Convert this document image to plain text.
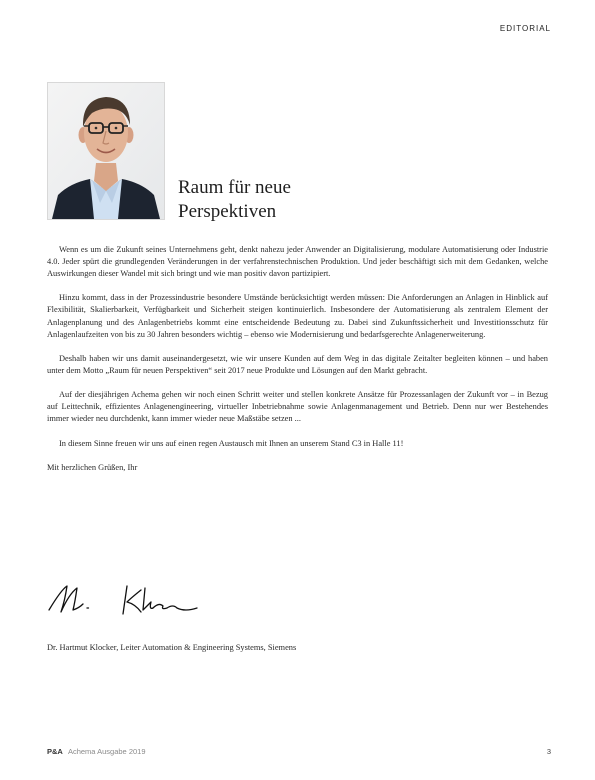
EDITORIAL
Raum für neue
Perspektiven

Wenn es um die Zukunft seines Unternehmens geht, denkt nahezu jeder Anwender an Digitalisierung, modulare Automatisierung oder Industrie 4.0. Jeder spürt die grundlegenden Veränderungen in der verfahrenstechnischen Produktion. Und jeder beschäftigt sich mit dem Gedanken, welche Auswirkungen dieser Wandel mit sich bringt und wie man positiv davon partizipiert.

Hinzu kommt, dass in der Prozessindustrie besondere Umstände berücksichtigt werden müssen: Die Anforderungen an Anlagen in Hinblick auf Flexibilität, Skalierbarkeit, Verfügbarkeit und Sicherheit steigen kontinuierlich. Insbesondere der Automatisierung als zentralem Element der Anlagenplanung und des Anlagenbetriebs kommt eine entscheidende Bedeutung zu. Dabei sind Zukunftssicherheit und Investitionsschutz für Anlagenlaufzeiten von bis zu 30 Jahren besonders wichtig – ebenso wie Modernisierung und bedarfsgerechte Anlagenerweiterung.

Deshalb haben wir uns damit auseinandergesetzt, wie wir unsere Kunden auf dem Weg in das digitale Zeitalter begleiten können – und haben unter dem Motto „Raum für neuen Perspektiven“ seit 2017 neue Produkte und Lösungen auf den Markt gebracht.

Auf der diesjährigen Achema gehen wir noch einen Schritt weiter und stellen konkrete Ansätze für Prozessanlagen der Zukunft vor – in Bezug auf Leittechnik, effizientes Anlagenengineering, virtueller Inbetriebnahme sowie Anlagenmanagement und Betrieb. Denn nur wer Bestehendes immer wieder neu durchdenkt, kann immer wieder neue Maßstäbe setzen ...

In diesem Sinne freuen wir uns auf einen regen Austausch mit Ihnen an unserem Stand C3 in Halle 11!

Mit herzlichen Grüßen, Ihr

Dr. Hartmut Klocker, Leiter Automation & Engineering Systems, Siemens
P&A Achema Ausgabe 2019	3
